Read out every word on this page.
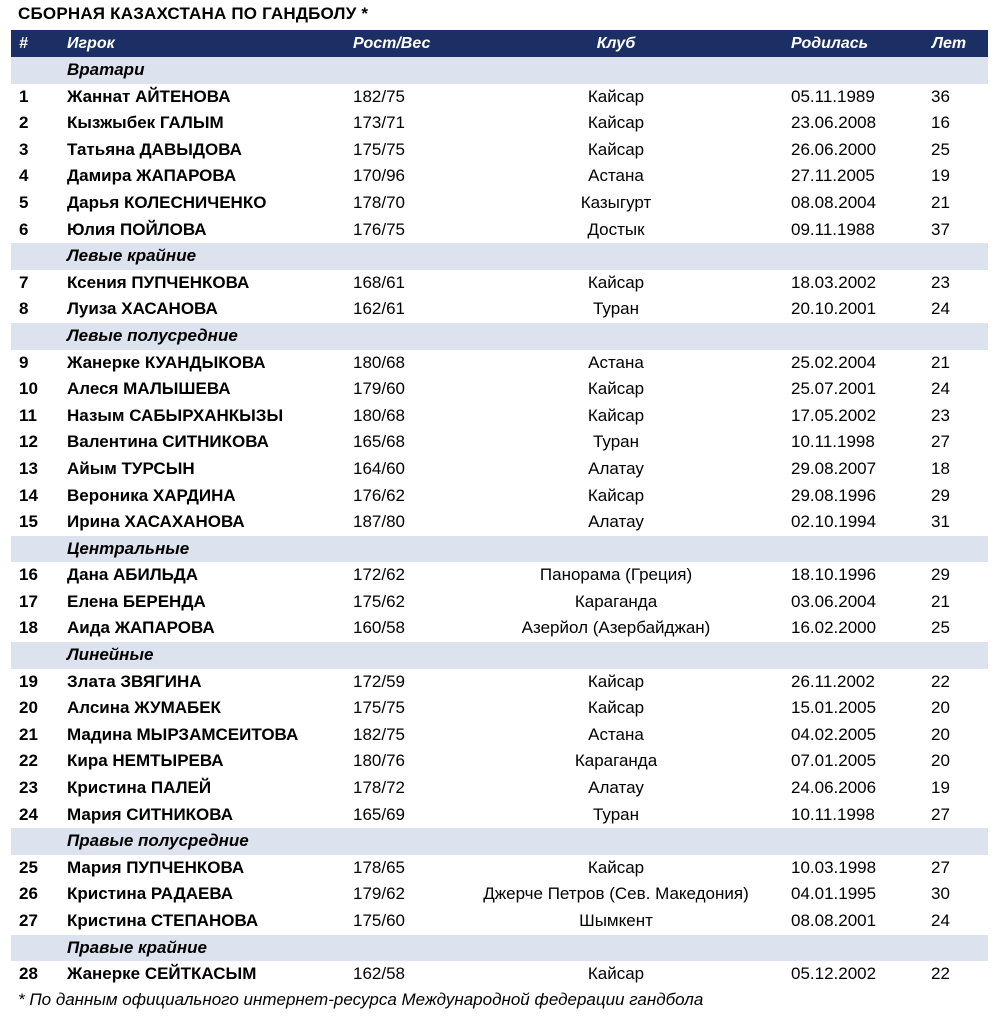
СБОРНАЯ КАЗАХСТАНА ПО ГАНДБОЛУ *
# Игрок	Рост/Вес	Клуб	Родилась	Лет
Вратари
1 Жаннат АЙТЕНОВА	182/75	Кайсар	05.11.1989	36
2 Кызжыбек ГАЛЫМ	173/71	Кайсар	23.06.2008	16
3 Татьяна ДАВЫДОВА	175/75	Кайсар	26.06.2000	25
4 Дамира ЖАПАРОВА	170/96	Астана	27.11.2005	19
5 Дарья КОЛЕСНИЧЕНКО	178/70	Казыгурт	08.08.2004	21
6 Юлия ПОЙЛОВА	176/75	Достык	09.11.1988	37
Левые крайние
7 Ксения ПУПЧЕНКОВА	168/61	Кайсар	18.03.2002	23
8 Луиза ХАСАНОВА	162/61	Туран	20.10.2001	24
Левые полусредние
9 Жанерке КУАНДЫКОВА	180/68	Астана	25.02.2004	21
10 Алеся МАЛЫШЕВА	179/60	Кайсар	25.07.2001	24
11 Назым САБЫРХАНКЫЗЫ	180/68	Кайсар	17.05.2002	23
12 Валентина СИТНИКОВА	165/68	Туран	10.11.1998	27
13 Айым ТУРСЫН	164/60	Алатау	29.08.2007	18
14 Вероника ХАРДИНА	176/62	Кайсар	29.08.1996	29
15 Ирина ХАСАХАНОВА	187/80	Алатау	02.10.1994	31
Центральные
16 Дана АБИЛЬДА	172/62	Панорама (Греция)	18.10.1996	29
17 Елена БЕРЕНДА	175/62	Караганда	03.06.2004	21
18 Аида ЖАПАРОВА	160/58	Азерйол (Азербайджан)	16.02.2000	25
Линейные
19 Злата ЗВЯГИНА	172/59	Кайсар	26.11.2002	22
20 Алсина ЖУМАБЕК	175/75	Кайсар	15.01.2005	20
21 Мадина МЫРЗАМСЕИТОВА	182/75	Астана	04.02.2005	20
22 Кира НЕМТЫРЕВА	180/76	Караганда	07.01.2005	20
23 Кристина ПАЛЕЙ	178/72	Алатау	24.06.2006	19
24 Мария СИТНИКОВА	165/69	Туран	10.11.1998	27
Правые полусредние
25 Мария ПУПЧЕНКОВА	178/65	Кайсар	10.03.1998	27
26 Кристина РАДАЕВА	179/62	Джерче Петров (Сев. Македония)	04.01.1995	30
27 Кристина СТЕПАНОВА	175/60	Шымкент	08.08.2001	24
Правые крайние
28 Жанерке СЕЙТКАСЫМ	162/58	Кайсар	05.12.2002	22
* По данным официального интернет-ресурса Международной федерации гандбола
